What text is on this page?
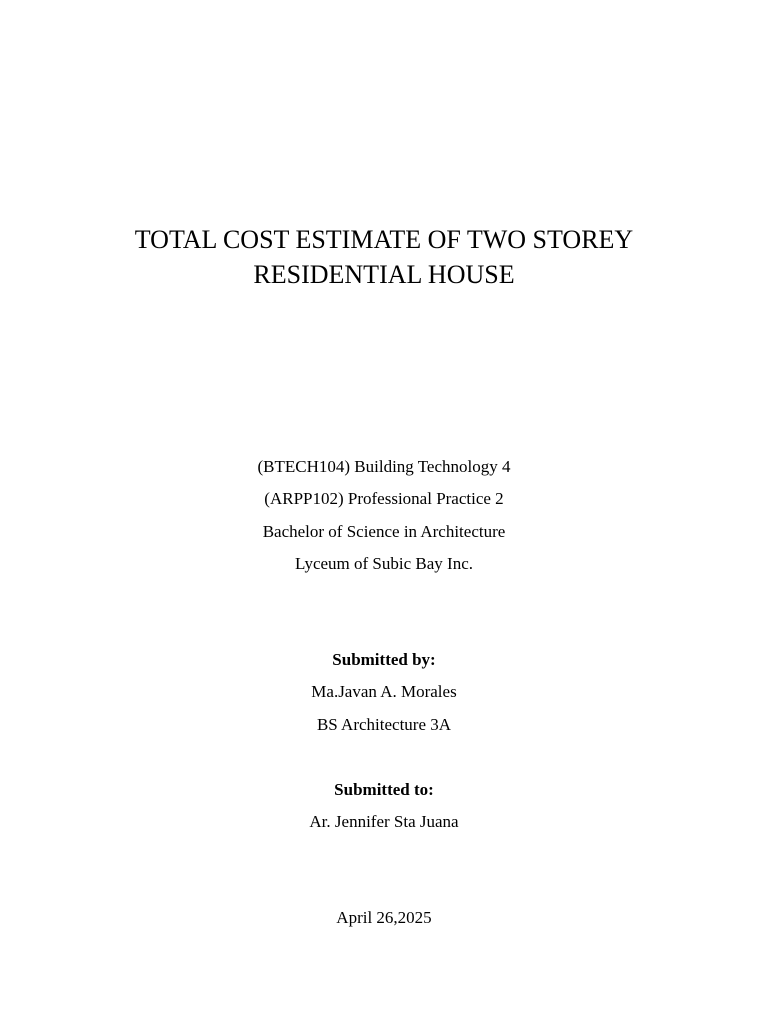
TOTAL COST ESTIMATE OF TWO STOREY
RESIDENTIAL HOUSE
(BTECH104) Building Technology 4
(ARPP102) Professional Practice 2
Bachelor of Science in Architecture
Lyceum of Subic Bay Inc.
Submitted by:
Ma.Javan A. Morales
BS Architecture 3A
Submitted to:
Ar. Jennifer Sta Juana
April 26,2025
